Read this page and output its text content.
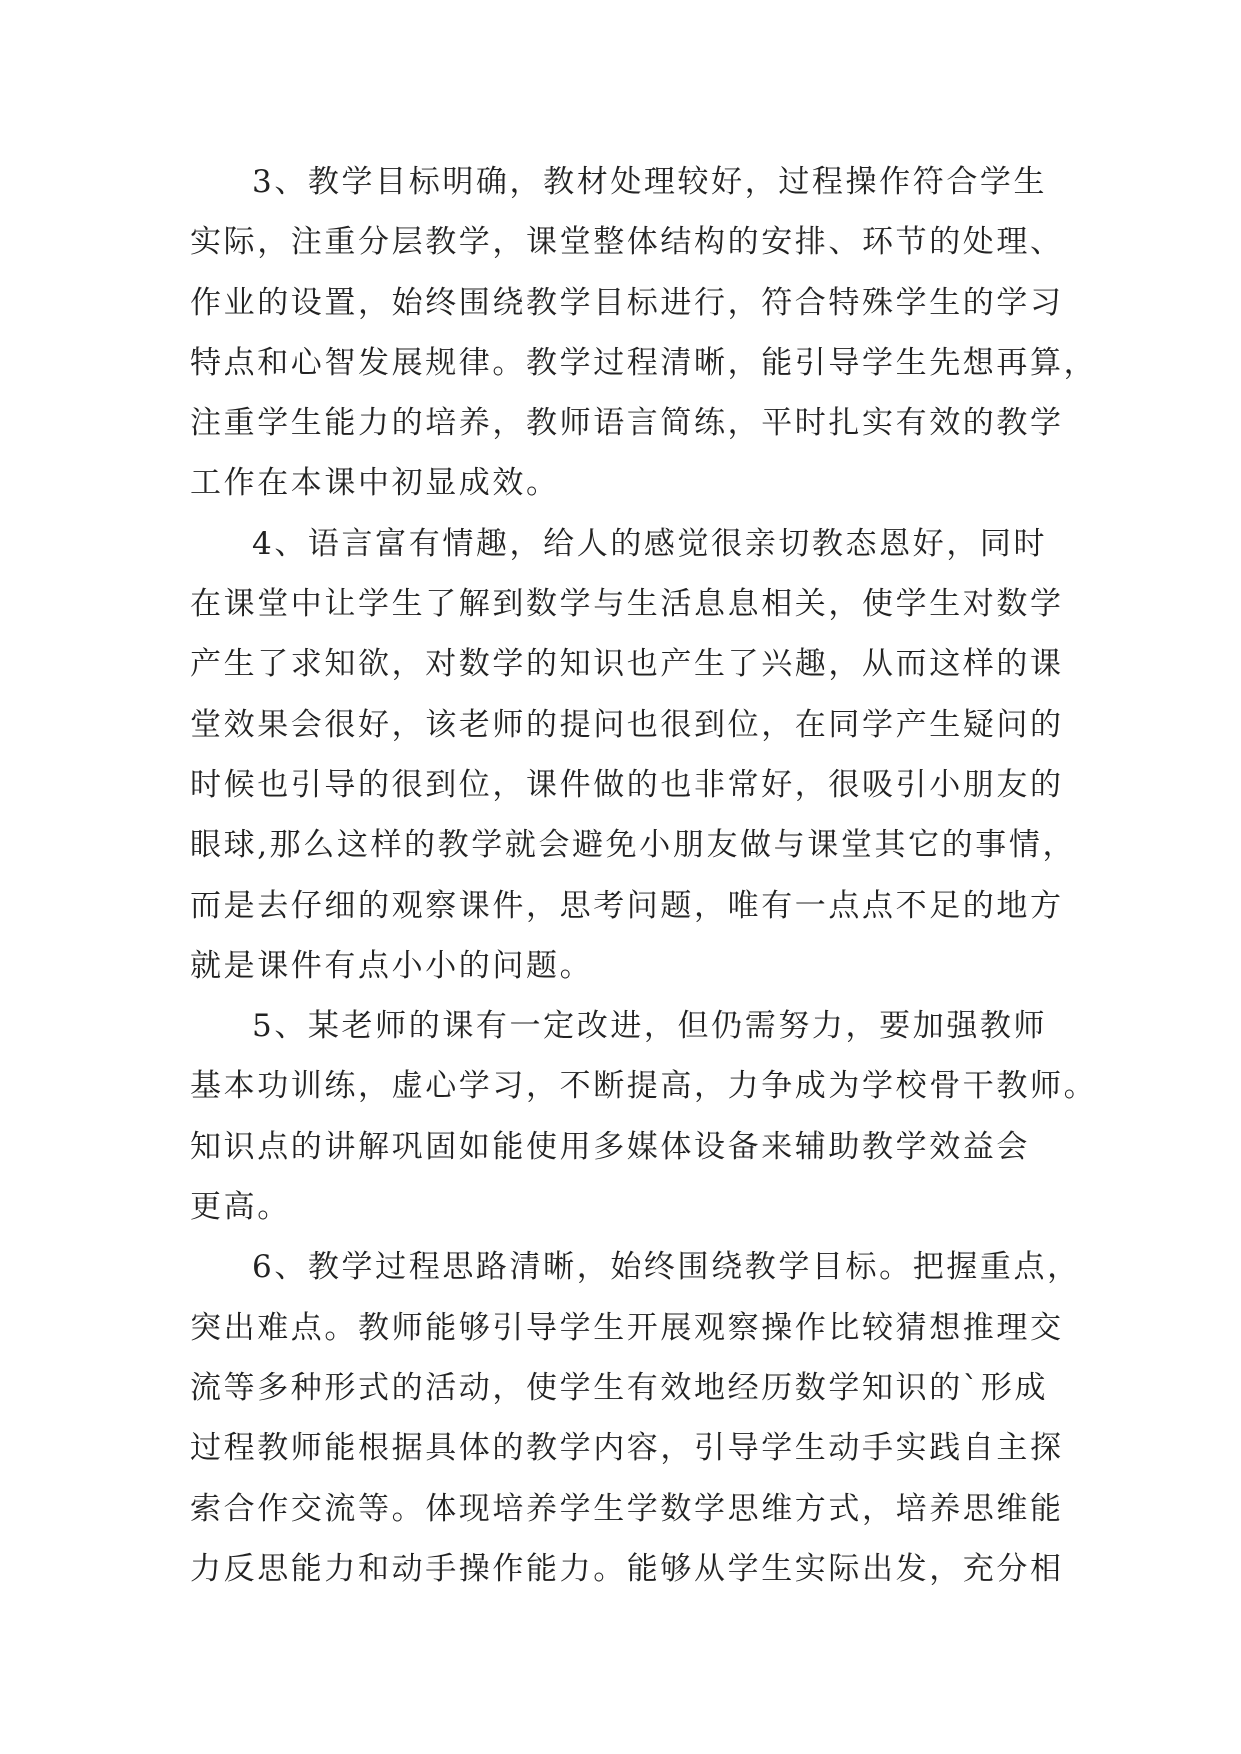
3、教学目标明确，教材处理较好，过程操作符合学生
实际，注重分层教学，课堂整体结构的安排、环节的处理、
作业的设置，始终围绕教学目标进行，符合特殊学生的学习
特点和心智发展规律。教学过程清晰，能引导学生先想再算，
注重学生能力的培养，教师语言简练，平时扎实有效的教学
工作在本课中初显成效。
4、语言富有情趣，给人的感觉很亲切教态恩好，同时
在课堂中让学生了解到数学与生活息息相关，使学生对数学
产生了求知欲，对数学的知识也产生了兴趣，从而这样的课
堂效果会很好，该老师的提问也很到位，在同学产生疑问的
时候也引导的很到位，课件做的也非常好，很吸引小朋友的
眼球,那么这样的教学就会避免小朋友做与课堂其它的事情，
而是去仔细的观察课件，思考问题，唯有一点点不足的地方
就是课件有点小小的问题。
5、某老师的课有一定改进，但仍需努力，要加强教师
基本功训练，虚心学习，不断提高，力争成为学校骨干教师。
知识点的讲解巩固如能使用多媒体设备来辅助教学效益会
更高。
6、教学过程思路清晰，始终围绕教学目标。把握重点，
突出难点。教师能够引导学生开展观察操作比较猜想推理交
流等多种形式的活动，使学生有效地经历数学知识的`形成
过程教师能根据具体的教学内容，引导学生动手实践自主探
索合作交流等。体现培养学生学数学思维方式，培养思维能
力反思能力和动手操作能力。能够从学生实际出发，充分相
